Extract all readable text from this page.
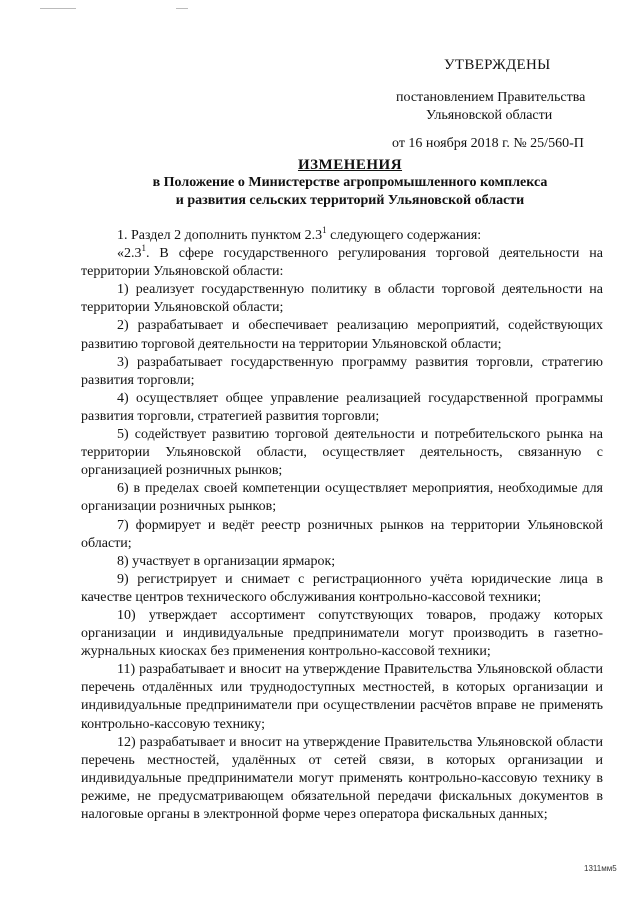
УТВЕРЖДЕНЫ
постановлением Правительства
Ульяновской области
от 16 ноября 2018 г. № 25/560-П
ИЗМЕНЕНИЯ
в Положение о Министерстве агропромышленного комплекса
и развития сельских территорий Ульяновской области

1. Раздел 2 дополнить пунктом $2.3^1$ следующего содержания:

«$2.3^1$. В сфере государственного регулирования торговой деятельности на территории Ульяновской области:

1) реализует государственную политику в области торговой деятельности на территории Ульяновской области;

2) разрабатывает и обеспечивает реализацию мероприятий, содействующих развитию торговой деятельности на территории Ульяновской области;

3) разрабатывает государственную программу развития торговли, стратегию развития торговли;

4) осуществляет общее управление реализацией государственной программы развития торговли, стратегией развития торговли;

5) содействует развитию торговой деятельности и потребительского рынка на территории Ульяновской области, осуществляет деятельность, связанную с организацией розничных рынков;

6) в пределах своей компетенции осуществляет мероприятия, необходимые для организации розничных рынков;

7) формирует и ведёт реестр розничных рынков на территории Ульяновской области;

8) участвует в организации ярмарок;

9) регистрирует и снимает с регистрационного учёта юридические лица в качестве центров технического обслуживания контрольно-кассовой техники;

10) утверждает ассортимент сопутствующих товаров, продажу которых организации и индивидуальные предприниматели могут производить в газетно-журнальных киосках без применения контрольно-кассовой техники;

11) разрабатывает и вносит на утверждение Правительства Ульяновской области перечень отдалённых или труднодоступных местностей, в которых организации и индивидуальные предприниматели при осуществлении расчётов вправе не применять контрольно-кассовую технику;

12) разрабатывает и вносит на утверждение Правительства Ульяновской области перечень местностей, удалённых от сетей связи, в которых организации и индивидуальные предприниматели могут применять контрольно-кассовую технику в режиме, не предусматривающем обязательной передачи фискальных документов в налоговые органы в электронной форме через оператора фискальных данных;

1311мм5
